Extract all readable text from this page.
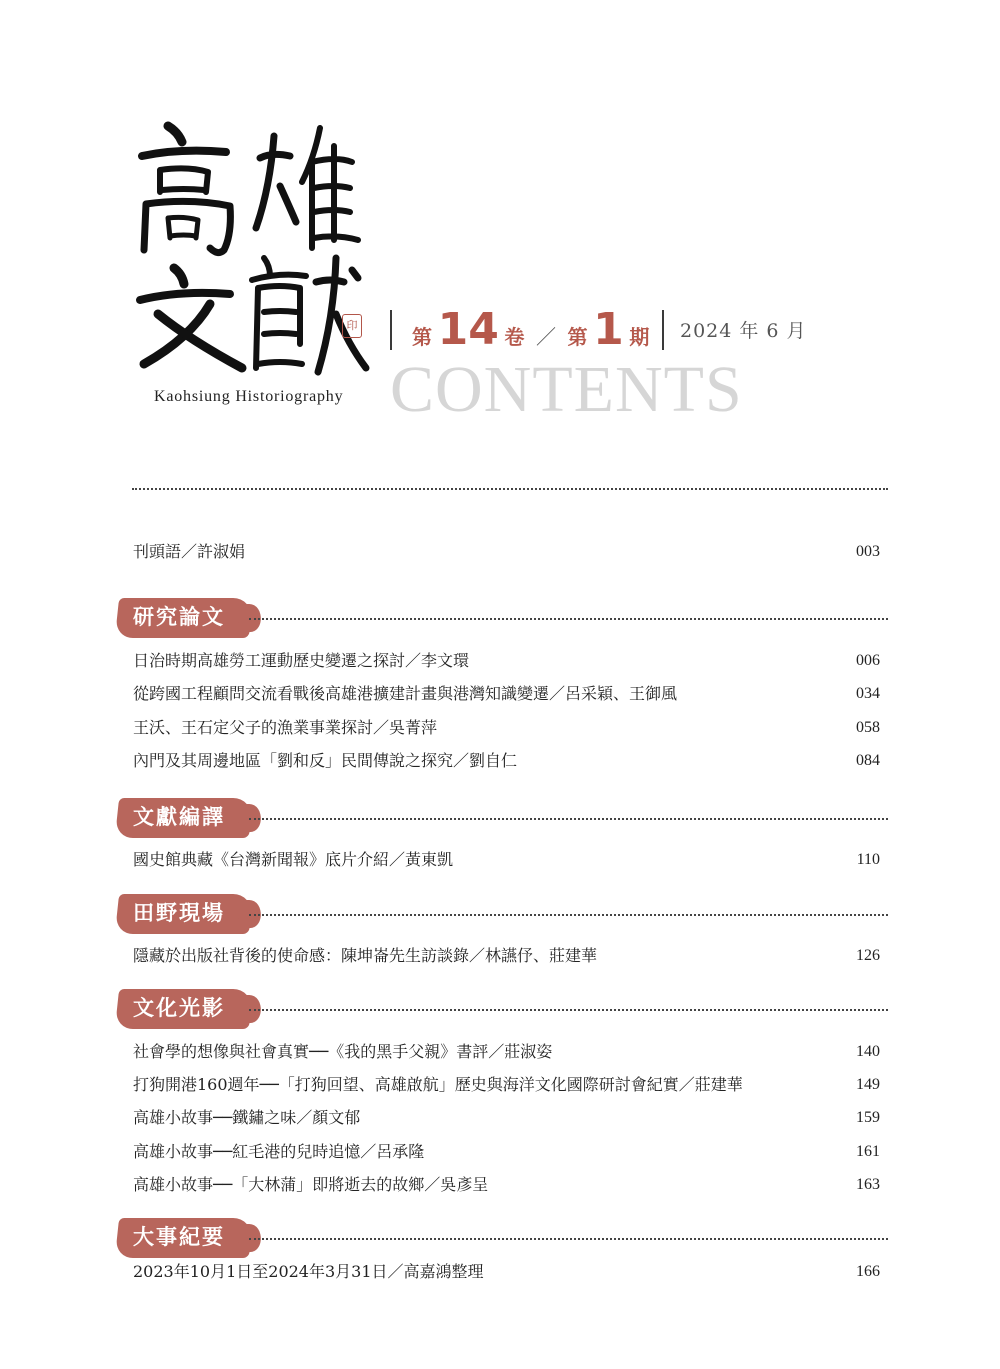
印
Kaohsiung Historiography
第 14 卷 ／ 第 1 期 2024 年 6 月
CONTENTS
刊頭語／許淑娟	003
研究論文
日治時期高雄勞工運動歷史變遷之探討／李文環	006
從跨國工程顧問交流看戰後高雄港擴建計畫與港灣知識變遷／呂采穎、王御風	034
王沃、王石定父子的漁業事業探討／吳菁萍	058
內門及其周邊地區「劉和反」民間傳說之探究／劉自仁	084
文獻編譯
國史館典藏《台灣新聞報》底片介紹／黃東凱	110
田野現場
隱藏於出版社背後的使命感：陳坤崙先生訪談錄／林讌伃、莊建華	126
文化光影
社會學的想像與社會真實──《我的黑手父親》書評／莊淑姿	140
打狗開港160週年──「打狗回望、高雄啟航」歷史與海洋文化國際研討會紀實／莊建華	149
高雄小故事──鐵鏽之味／顏文郁	159
高雄小故事──紅毛港的兒時追憶／呂承隆	161
高雄小故事──「大林蒲」即將逝去的故鄉／吳彥呈	163
大事紀要
2023年10月1日至2024年3月31日／高嘉鴻整理	166
